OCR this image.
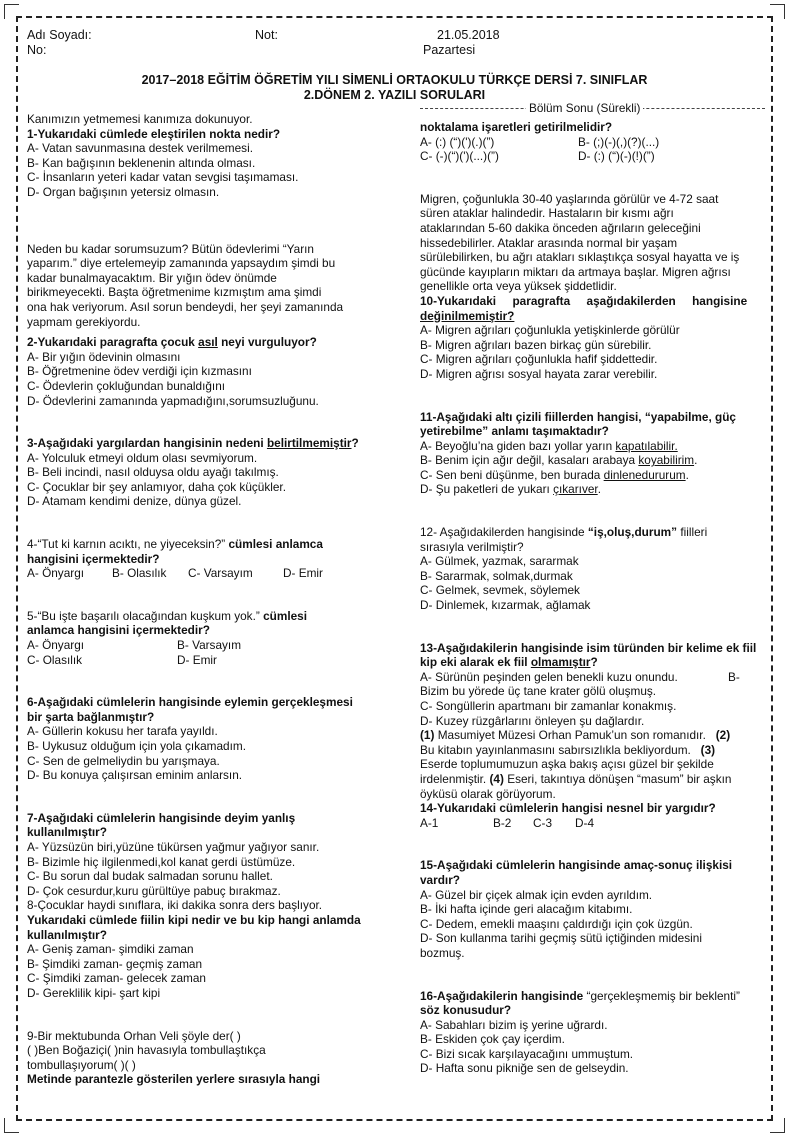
Adı Soyadı:	Not:	21.05.2018
No:	Pazartesi
2017–2018 EĞİTİM ÖĞRETİM YILI SİMENLİ ORTAOKULU TÜRKÇE DERSİ 7. SINIFLAR
2.DÖNEM 2. YAZILI SORULARI
Bölüm Sonu (Sürekli)

Kanımızın yetmemesi kanımıza dokunuyor.

1-Yukarıdaki cümlede eleştirilen nokta nedir?

A- Vatan savunmasına destek verilmemesi.

B- Kan bağışının beklenenin altında olması.

C- İnsanların yeteri kadar vatan sevgisi taşımaması.

D- Organ bağışının yetersiz olmasın.

Neden bu kadar sorumsuzum? Bütün ödevlerimi “Yarın

yaparım.” diye ertelemeyip zamanında yapsaydım şimdi bu

kadar bunalmayacaktım. Bir yığın ödev önümde

birikmeyecekti. Başta öğretmenime kızmıştım ama şimdi

ona hak veriyorum. Asıl sorun bendeydi, her şeyi zamanında

yapmam gerekiyordu.

2-Yukarıdaki paragrafta çocuk asıl neyi vurguluyor?

A- Bir yığın ödevinin olmasını

B- Öğretmenine ödev verdiği için kızmasını

C- Ödevlerin çokluğundan bunaldığını

D- Ödevlerini zamanında yapmadığını,sorumsuzluğunu.

3-Aşağıdaki yargılardan hangisinin nedeni belirtilmemiştir?

A- Yolculuk etmeyi oldum olası sevmiyorum.

B- Beli incindi, nasıl olduysa oldu ayağı takılmış.

C- Çocuklar bir şey anlamıyor, daha çok küçükler.

D- Atamam kendimi denize, dünya güzel.

4-“Tut ki karnın acıktı, ne yiyeceksin?” cümlesi anlamca

hangisini içermektedir?

A- Önyargı	B- Olasılık	C- Varsayım	D- Emir

5-“Bu işte başarılı olacağından kuşkum yok.” cümlesi

anlamca hangisini içermektedir?

A- Önyargı	B- Varsayım
C- Olasılık	D- Emir

6-Aşağıdaki cümlelerin hangisinde eylemin gerçekleşmesi

bir şarta bağlanmıştır?

A- Güllerin kokusu her tarafa yayıldı.

B- Uykusuz olduğum için yola çıkamadım.

C- Sen de gelmeliydin bu yarışmaya.

D- Bu konuya çalışırsan eminim anlarsın.

7-Aşağıdaki cümlelerin hangisinde deyim yanlış

kullanılmıştır?

A- Yüzsüzün biri,yüzüne tükürsen yağmur yağıyor sanır.

B- Bizimle hiç ilgilenmedi,kol kanat gerdi üstümüze.

C- Bu sorun dal budak salmadan sorunu hallet.

D- Çok cesurdur,kuru gürültüye pabuç bırakmaz.

8-Çocuklar haydi sınıflara, iki dakika sonra ders başlıyor.

Yukarıdaki cümlede fiilin kipi nedir ve bu kip hangi anlamda

kullanılmıştır?

A- Geniş zaman- şimdiki zaman

B- Şimdiki zaman- geçmiş zaman

C- Şimdiki zaman- gelecek zaman

D- Gereklilik kipi- şart kipi

9-Bir mektubunda Orhan Veli şöyle der( )

( )Ben Boğaziçi( )nin havasıyla tombullaştıkça

tombullaşıyorum( )( )

Metinde parantezle gösterilen yerlere sırasıyla hangi

noktalama işaretleri getirilmelidir?

A- (:) (“)(')(.)(”)	B- (;)(-)(,)(?)(...)
C- (-)(“)(')(...)(”)	D- (:) (“)(-)(!)(”)

Migren, çoğunlukla 30-40 yaşlarında görülür ve 4-72 saat

süren ataklar halindedir. Hastaların bir kısmı ağrı

ataklarından 5-60 dakika önceden ağrıların geleceğini

hissedebilirler. Ataklar arasında normal bir yaşam

sürülebilirken, bu ağrı atakları sıklaştıkça sosyal hayatta ve iş

gücünde kayıpların miktarı da artmaya başlar. Migren ağrısı

genellikle orta veya yüksek şiddetlidir.

10-Yukarıdaki     paragrafta     aşağıdakilerden     hangisine

değinilmemiştir?

A- Migren ağrıları çoğunlukla yetişkinlerde görülür

B- Migren ağrıları bazen birkaç gün sürebilir.

C- Migren ağrıları çoğunlukla hafif şiddettedir.

D- Migren ağrısı sosyal hayata zarar verebilir.

11-Aşağıdaki altı çizili fiillerden hangisi, “yapabilme, güç

yetirebilme” anlamı taşımaktadır?

A- Beyoğlu’na giden bazı yollar yarın kapatılabilir.

B- Benim için ağır değil, kasaları arabaya koyabilirim.

C- Sen beni düşünme, ben burada dinlenedururum.

D- Şu paketleri de yukarı çıkarıver.

12- Aşağıdakilerden hangisinde “iş,oluş,durum” fiilleri

sırasıyla verilmiştir?

A- Gülmek, yazmak, sararmak

B- Sararmak, solmak,durmak

C- Gelmek, sevmek, söylemek

D- Dinlemek, kızarmak, ağlamak

13-Aşağıdakilerin hangisinde isim türünden bir kelime ek fiil

kip eki alarak ek fiil olmamıştır?

A- Sürünün peşinden gelen benekli kuzu onundu.	B-

Bizim bu yörede üç tane krater gölü oluşmuş.

C- Songüllerin apartmanı bir zamanlar konakmış.

D- Kuzey rüzgârlarını önleyen şu dağlardır.

(1) Masumiyet Müzesi Orhan Pamuk’un son romanıdır. (2)

Bu kitabın yayınlanmasını sabırsızlıkla bekliyordum. (3)

Eserde toplumumuzun aşka bakış açısı güzel bir şekilde

irdelenmiştir. (4) Eseri, takıntıya dönüşen “masum” bir aşkın

öyküsü olarak görüyorum.

14-Yukarıdaki cümlelerin hangisi nesnel bir yargıdır?

A-1	B-2	C-3	D-4

15-Aşağıdaki cümlelerin hangisinde amaç-sonuç ilişkisi

vardır?

A- Güzel bir çiçek almak için evden ayrıldım.

B- İki hafta içinde geri alacağım kitabımı.

C- Dedem, emekli maaşını çaldırdığı için çok üzgün.

D- Son kullanma tarihi geçmiş sütü içtiğinden midesini

bozmuş.

16-Aşağıdakilerin hangisinde “gerçekleşmemiş bir beklenti”

söz konusudur?

A- Sabahları bizim iş yerine uğrardı.

B- Eskiden çok çay içerdim.

C- Bizi sıcak karşılayacağını ummuştum.

D- Hafta sonu pikniğe sen de gelseydin.
